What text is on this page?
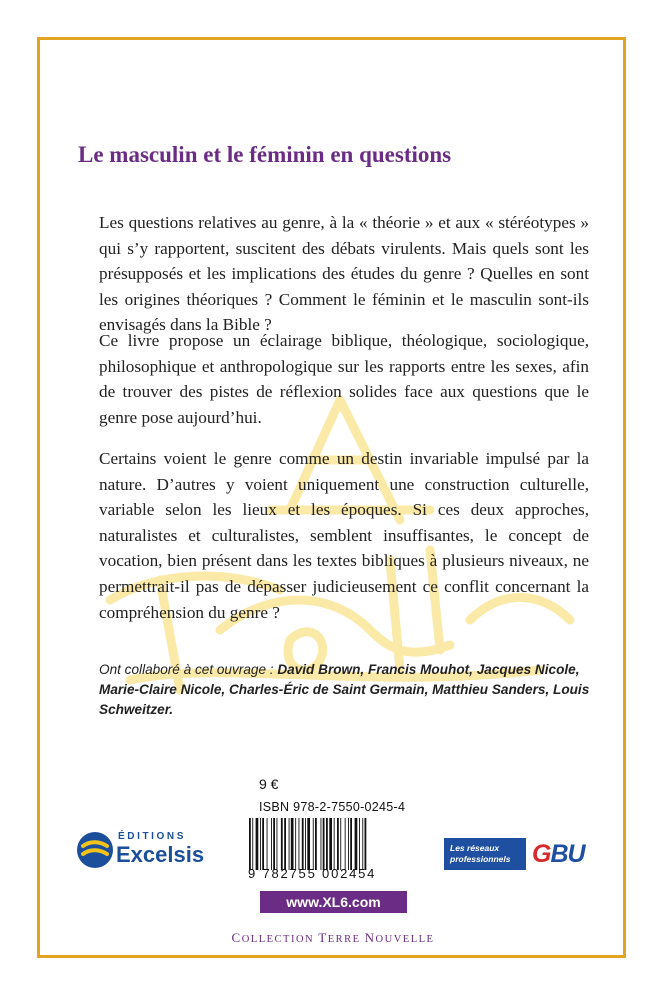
Le masculin et le féminin en questions

Les questions relatives au genre, à la « théorie » et aux « stéréotypes » qui s’y rapportent, suscitent des débats virulents. Mais quels sont les présupposés et les implications des études du genre ? Quelles en sont les origines théoriques ? Comment le féminin et le masculin sont-ils envisagés dans la Bible ?

Ce livre propose un éclairage biblique, théologique, sociologique, philosophique et anthropologique sur les rapports entre les sexes, afin de trouver des pistes de réflexion solides face aux questions que le genre pose aujourd’hui.

Certains voient le genre comme un destin invariable impulsé par la nature. D’autres y voient uniquement une construction culturelle, variable selon les lieux et les époques. Si ces deux approches, naturalistes et culturalistes, semblent insuffisantes, le concept de vocation, bien présent dans les textes bibliques à plusieurs niveaux, ne permettrait-il pas de dépasser judicieusement ce conflit concernant la compréhension du genre ?

Ont collaboré à cet ouvrage : David Brown, Francis Mouhot, Jacques Nicole, Marie-Claire Nicole, Charles-Éric de Saint Germain, Matthieu Sanders, Louis Schweitzer.
ÉDITIONS
Excelsis
9 €
ISBN 978-2-7550-0245-4
9 782755 002454
www.XL6.com
Les réseaux
professionnels GBU
COLLECTION TERRE NOUVELLE
